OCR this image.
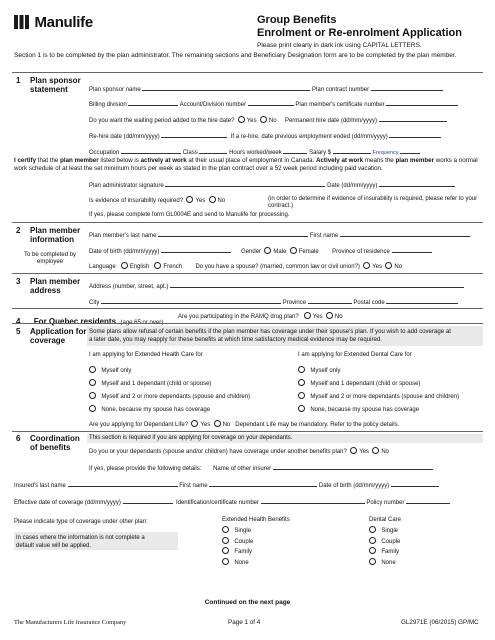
Manulife	Group Benefits
Enrolment or Re-enrolment Application
Please print clearly in dark ink using CAPITAL LETTERS.
Section 1 is to be completed by the plan administrator. The remaining sections and Beneficiary Designation form are to be completed by the plan member.
1 Plan sponsor
statement	Plan sponsor name	Plan contract number
Billing division	Account/Division number	Plan member's certificate number
Do you want the waiting period added to the hire date? Yes No Permanent hire date (dd/mm/yyyy)
Re-hire date (dd/mm/yyyy)	If a re-hire, date previous employment ended (dd/mm/yyyy)
Occupation	Class	Hours worked/week	Salary $	Frequency
I certify that the plan member listed below is actively at work at their usual place of employment in Canada. Actively at work means the plan member works a normal work schedule of at least the set minimum hours per week as stated in the plan contract over a 52 week period including paid vacation.
Plan administrator signature	Date (dd/mm/yyyy)
Is evidence of insurability required? Yes No	(in order to determine if evidence of insurability is required, please refer to your contract.)
If yes, please complete form GL0004E and send to Manulife for processing.
2 Plan member
information
To be completed by
employee
Plan member's last name	First name
Date of birth (dd/mm/yyyy)	Gender Male Female Province of residence
Language English French Do you have a spouse? (married, common law or civil union?) Yes No
3 Plan member
address	Address (number, street, apt.)
City	Province	Postal code
4 For Quebec residents (age 65 or over)
Are you participating in the RAMQ drug plan? Yes No
5 Application for
coverage
Some plans allow refusal of certain benefits if the plan member has coverage under their spouse's plan. If you wish to add coverage at
a later date, you may reapply for these benefits at which time satisfactory medical evidence may be required.
I am applying for Extended Health Care for	I am applying for Extended Dental Care for
Myself only
Myself and 1 dependant (child or spouse)
Myself and 2 or more dependants (spouse and children)
None, because my spouse has coverage
Myself only
Myself and 1 dependant (child or spouse)
Myself and 2 or more dependants (spouse and children)
None, because my spouse has coverage
Are you applying for Dependant Life? Yes No Dependant Life may be mandatory. Refer to the policy details.
6 Coordination
of benefits
This section is required if you are applying for coverage on your dependants.
Do you or your dependants (spouse and/or children) have coverage under another benefits plan? Yes No
If yes, please provide the following details: Name of other insurer
Insured's last name	First name	Date of birth (dd/mm/yyyy)
Effective date of coverage (dd/mm/yyyy)	Identification/certificate number	Policy number
Please indicate type of coverage under other plan:
In cases where the information is not complete a
default value will be applied.
Extended Health Benefits
Single
Couple
Family
None
Dental Care
Single
Couple
Family
None
Continued on the next page
The Manufacturers Life Insurance Company	Page 1 of 4	GL2971E (06/2015) GP/MC
